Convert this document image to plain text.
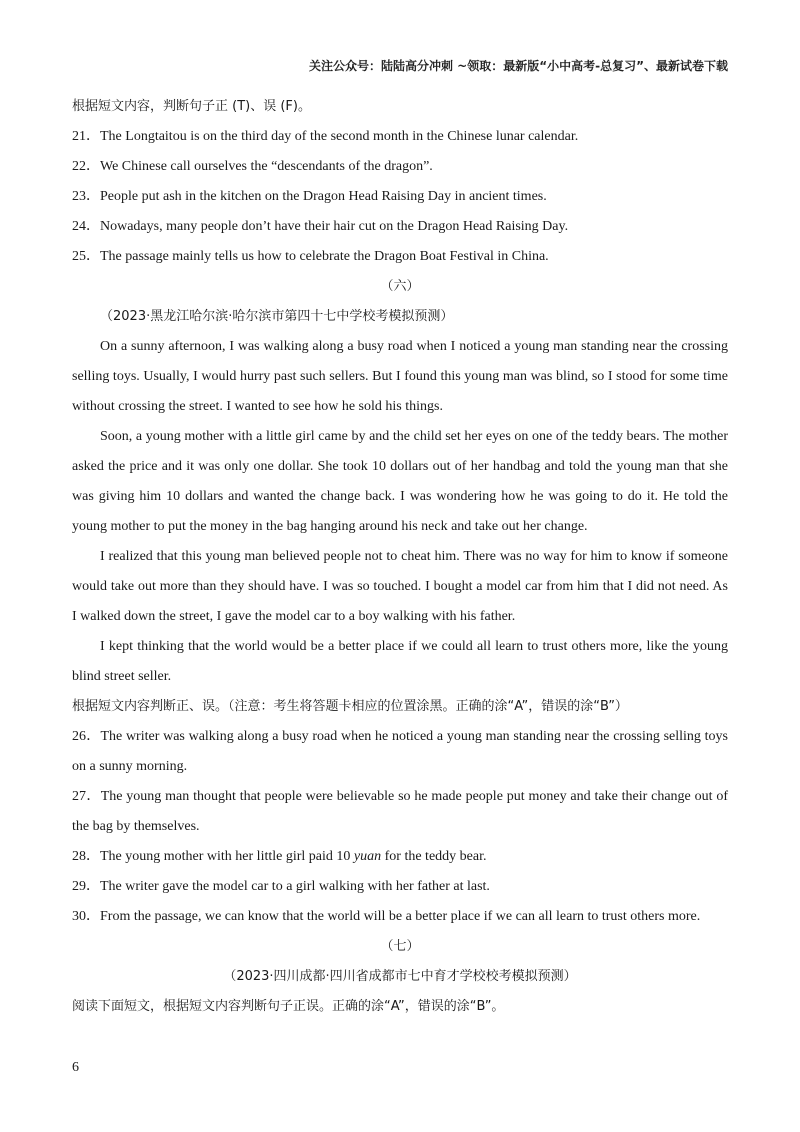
关注公众号：陆陆高分冲刺 ~领取：最新版“小中高考-总复习”、最新试卷下载
根据短文内容，判断句子正 (T)、误 (F)。
21．The Longtaitou is on the third day of the second month in the Chinese lunar calendar.
22．We Chinese call ourselves the “descendants of the dragon”.
23．People put ash in the kitchen on the Dragon Head Raising Day in ancient times.
24．Nowadays, many people don’t have their hair cut on the Dragon Head Raising Day.
25．The passage mainly tells us how to celebrate the Dragon Boat Festival in China.
（六）
（2023·黑龙江哈尔滨·哈尔滨市第四十七中学校考模拟预测）
On a sunny afternoon, I was walking along a busy road when I noticed a young man standing near the crossing selling toys. Usually, I would hurry past such sellers. But I found this young man was blind, so I stood for some time without crossing the street. I wanted to see how he sold his things.
Soon, a young mother with a little girl came by and the child set her eyes on one of the teddy bears. The mother asked the price and it was only one dollar. She took 10 dollars out of her handbag and told the young man that she was giving him 10 dollars and wanted the change back. I was wondering how he was going to do it. He told the young mother to put the money in the bag hanging around his neck and take out her change.
I realized that this young man believed people not to cheat him. There was no way for him to know if someone would take out more than they should have. I was so touched. I bought a model car from him that I did not need. As I walked down the street, I gave the model car to a boy walking with his father.
I kept thinking that the world would be a better place if we could all learn to trust others more, like the young blind street seller.
根据短文内容判断正、误。（注意：考生将答题卡相应的位置涂黑。正确的涂“A”，错误的涂“B”）
26．The writer was walking along a busy road when he noticed a young man standing near the crossing selling toys on a sunny morning.
27．The young man thought that people were believable so he made people put money and take their change out of the bag by themselves.
28．The young mother with her little girl paid 10 yuan for the teddy bear.
29．The writer gave the model car to a girl walking with her father at last.
30．From the passage, we can know that the world will be a better place if we can all learn to trust others more.
（七）
（2023·四川成都·四川省成都市七中育才学校校考模拟预测）
阅读下面短文，根据短文内容判断句子正误。正确的涂“A”，错误的涂“B”。
6
